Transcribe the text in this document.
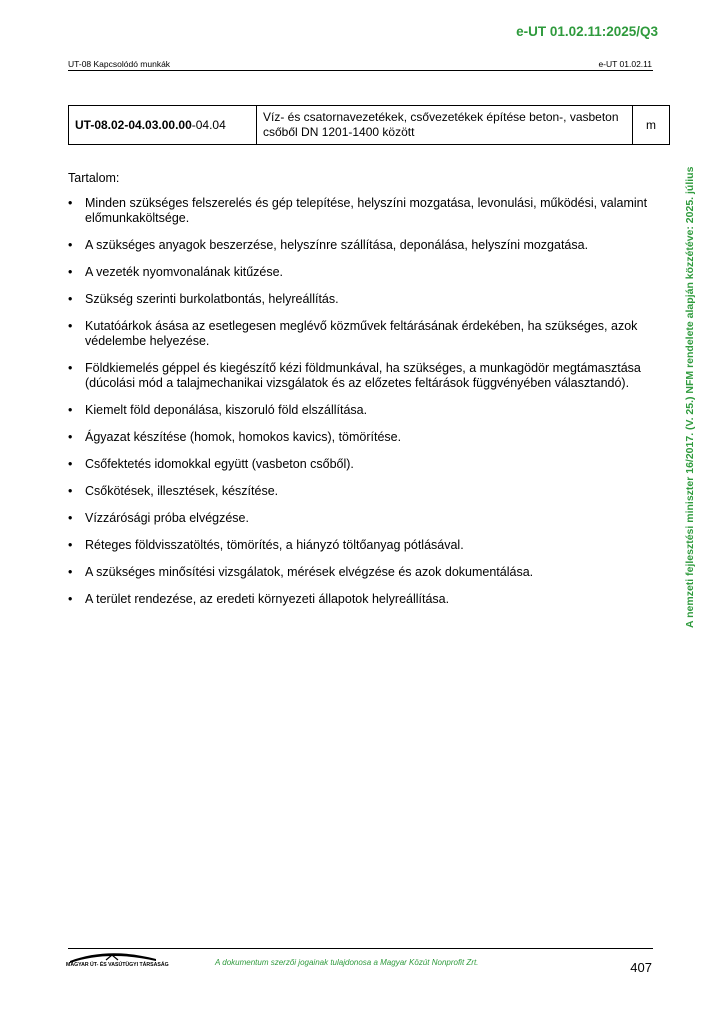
e-UT 01.02.11:2025/Q3
UT-08 Kapcsolódó munkák	e-UT 01.02.11
A nemzeti fejlesztési miniszter 16/2017. (V. 25.) NFM rendelete alapján közzétéve: 2025. július
UT-08.02-04.03.00.00-04.04	Víz- és csatornavezetékek, csővezetékek építése beton-, vasbeton csőből DN 1201-1400 között	m
Tartalom:
• Minden szükséges felszerelés és gép telepítése, helyszíni mozgatása, levonulási, működési, valamint előmunkaköltsége.
• A szükséges anyagok beszerzése, helyszínre szállítása, deponálása, helyszíni mozgatása.
• A vezeték nyomvonalának kitűzése.
• Szükség szerinti burkolatbontás, helyreállítás.
• Kutatóárkok ásása az esetlegesen meglévő közművek feltárásának érdekében, ha szükséges, azok védelembe helyezése.
• Földkiemelés géppel és kiegészítő kézi földmunkával, ha szükséges, a munkagödör megtámasztása (dúcolási mód a talajmechanikai vizsgálatok és az előzetes feltárások függvényében választandó).
• Kiemelt föld deponálása, kiszoruló föld elszállítása.
• Ágyazat készítése (homok, homokos kavics), tömörítése.
• Csőfektetés idomokkal együtt (vasbeton csőből).
• Csőkötések, illesztések, készítése.
• Vízzárósági próba elvégzése.
• Réteges földvisszatöltés, tömörítés, a hiányzó töltőanyag pótlásával.
• A szükséges minősítési vizsgálatok, mérések elvégzése és azok dokumentálása.
• A terület rendezése, az eredeti környezeti állapotok helyreállítása.
MAGYAR ÚT- ÉS VASÚTÜGYI TÁRSASÁG	A dokumentum szerzői jogainak tulajdonosa a Magyar Közút Nonprofit Zrt.	407
